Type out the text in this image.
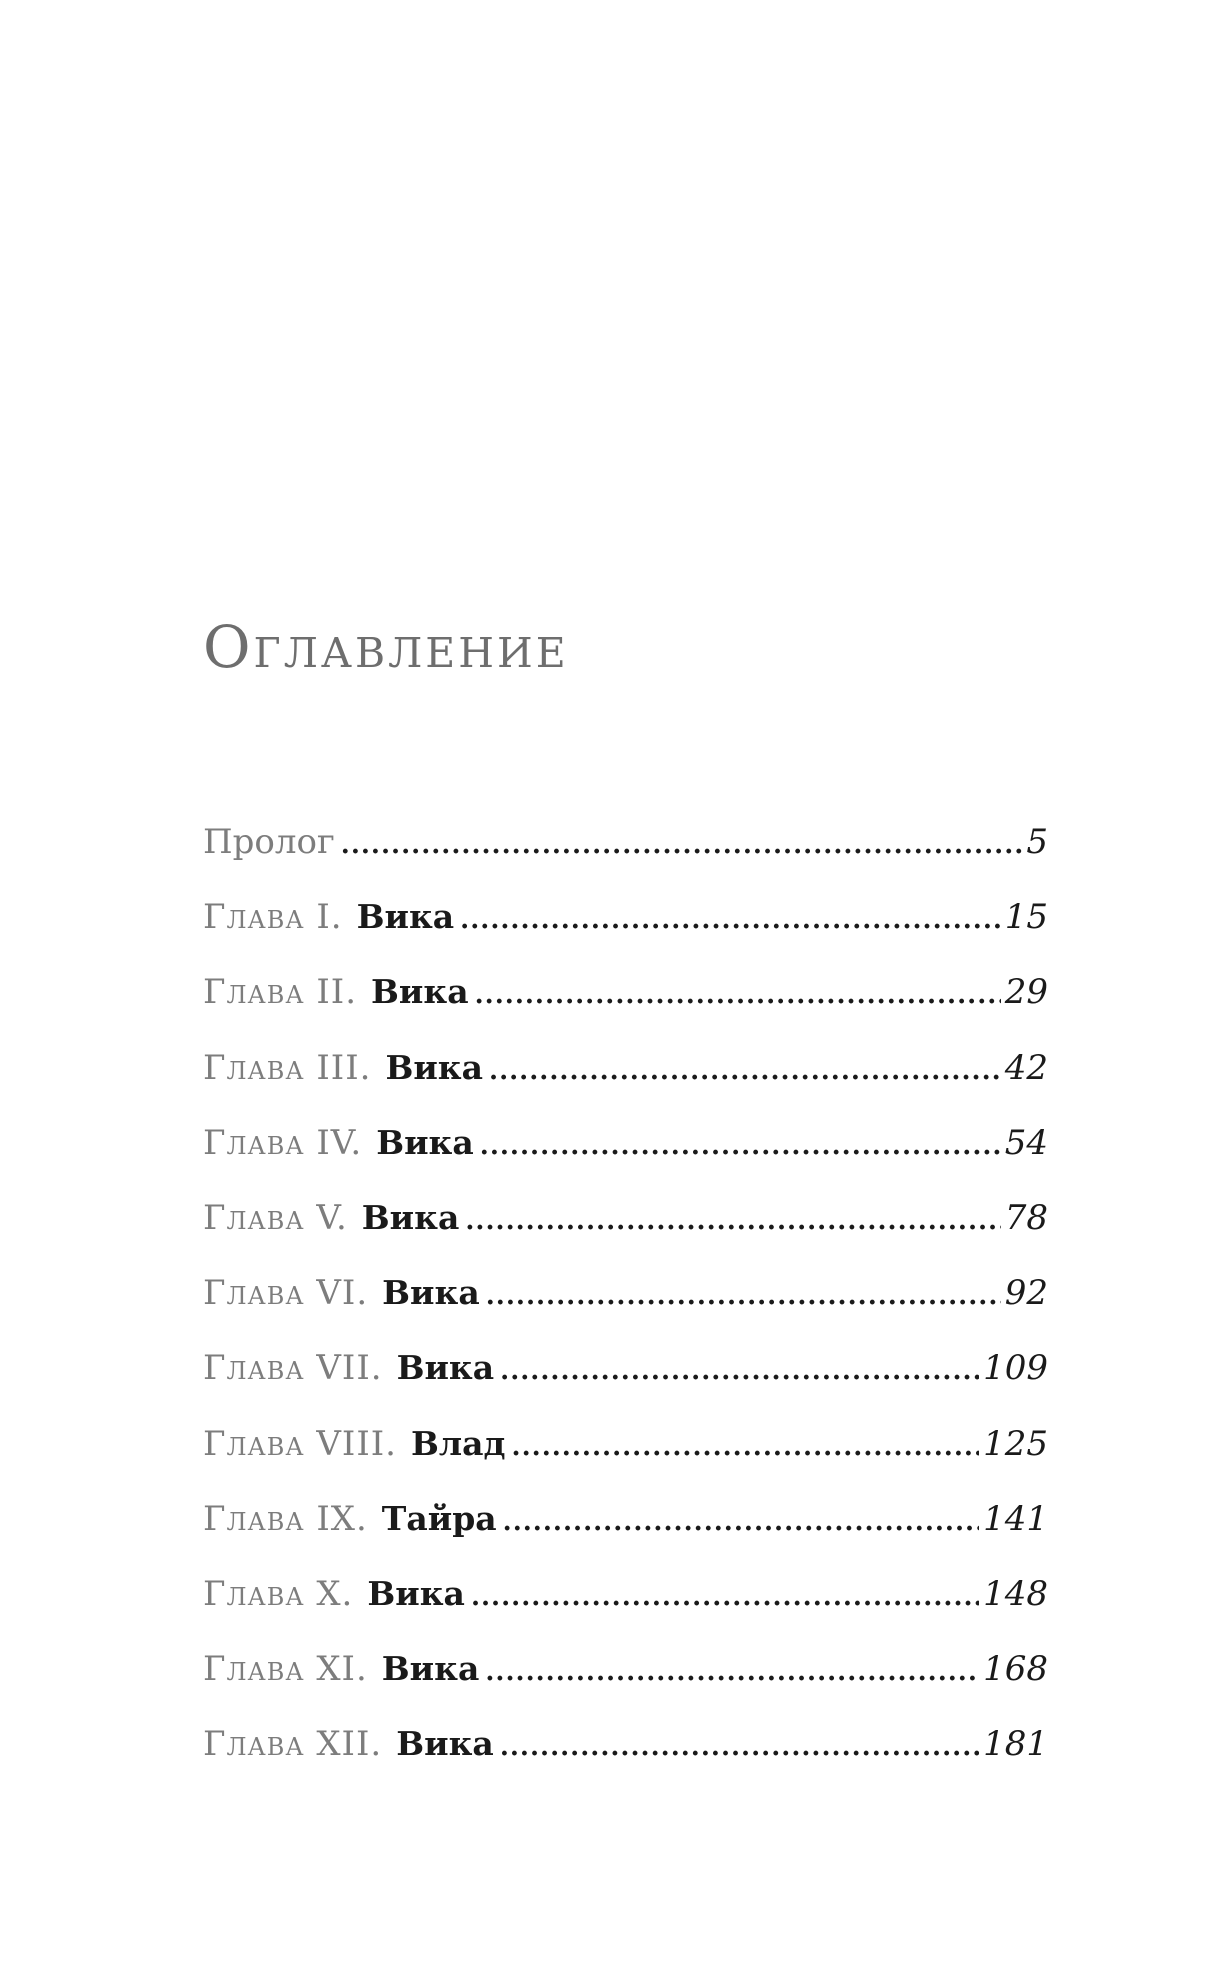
Оглавление
Пролог .....	5
Глава I. Вика .....	15
Глава II. Вика .....	29
Глава III. Вика .....	42
Глава IV. Вика .....	54
Глава V. Вика .....	78
Глава VI. Вика .....	92
Глава VII. Вика .....	109
Глава VIII. Влад .....	125
Глава IX. Тайра .....	141
Глава X. Вика .....	148
Глава XI. Вика .....	168
Глава XII. Вика .....	181
